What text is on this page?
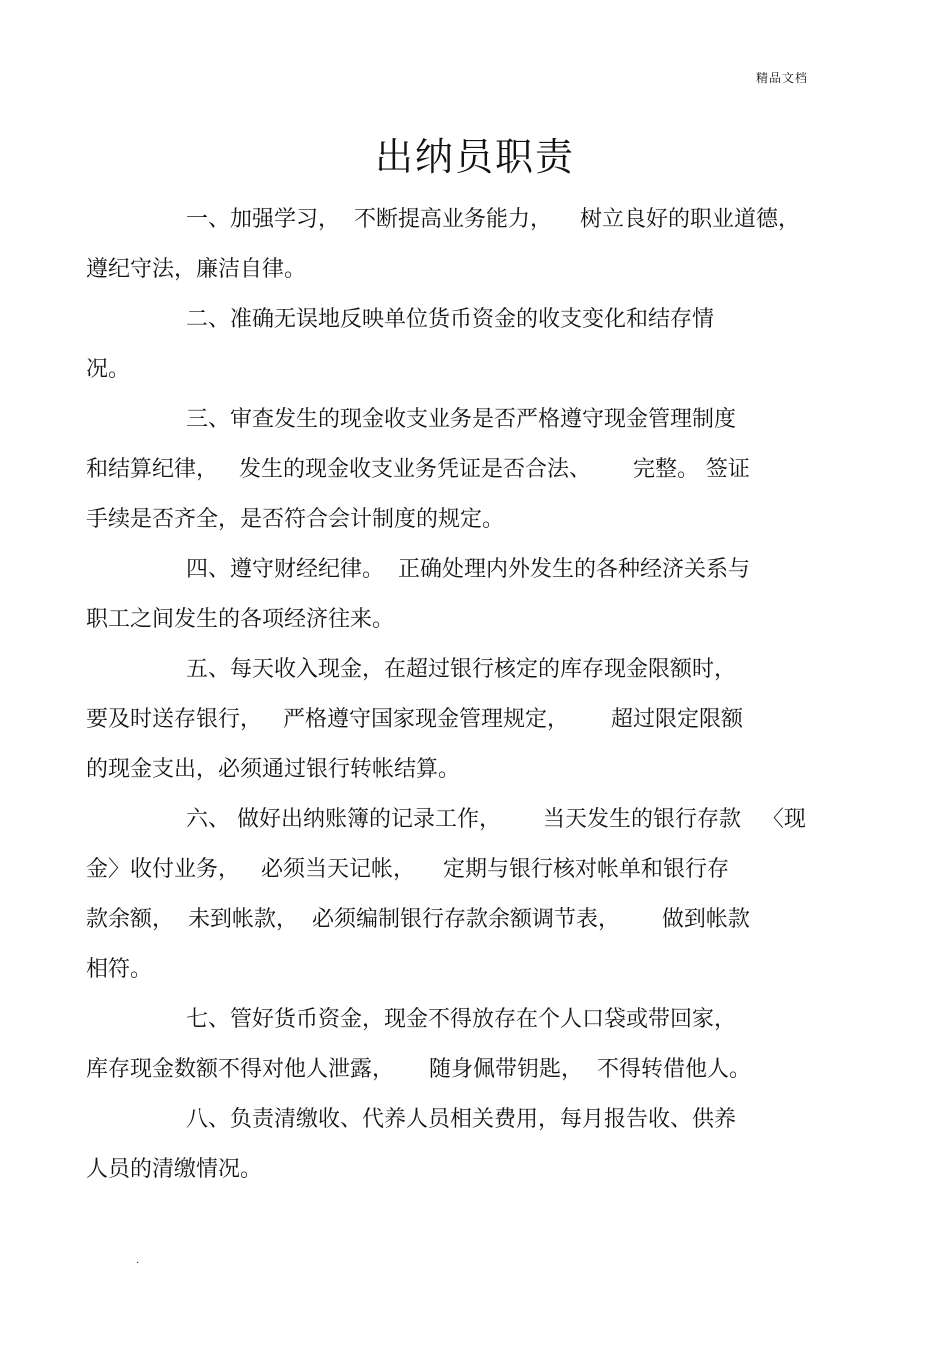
精品文档
出纳员职责

一、加强学习，  不断提高业务能力，    树立良好的职业道德，
遵纪守法，廉洁自律。

二、准确无误地反映单位货币资金的收支变化和结存情
况。

三、审查发生的现金收支业务是否严格遵守现金管理制度
和结算纪律，   发生的现金收支业务凭证是否合法、      完整。 签证
手续是否齐全，是否符合会计制度的规定。

四、遵守财经纪律。  正确处理内外发生的各种经济关系与
职工之间发生的各项经济往来。

五、每天收入现金，在超过银行核定的库存现金限额时，
要及时送存银行，   严格遵守国家现金管理规定，      超过限定限额
的现金支出，必须通过银行转帐结算。

六、 做好出纳账簿的记录工作，      当天发生的银行存款   〈现
金〉收付业务，   必须当天记帐，    定期与银行核对帐单和银行存
款余额，  未到帐款，  必须编制银行存款余额调节表，      做到帐款
相符。

七、管好货币资金，现金不得放存在个人口袋或带回家，
库存现金数额不得对他人泄露，     随身佩带钥匙，  不得转借他人。

八、负责清缴收、代养人员相关费用，每月报告收、供养
人员的清缴情况。

.
